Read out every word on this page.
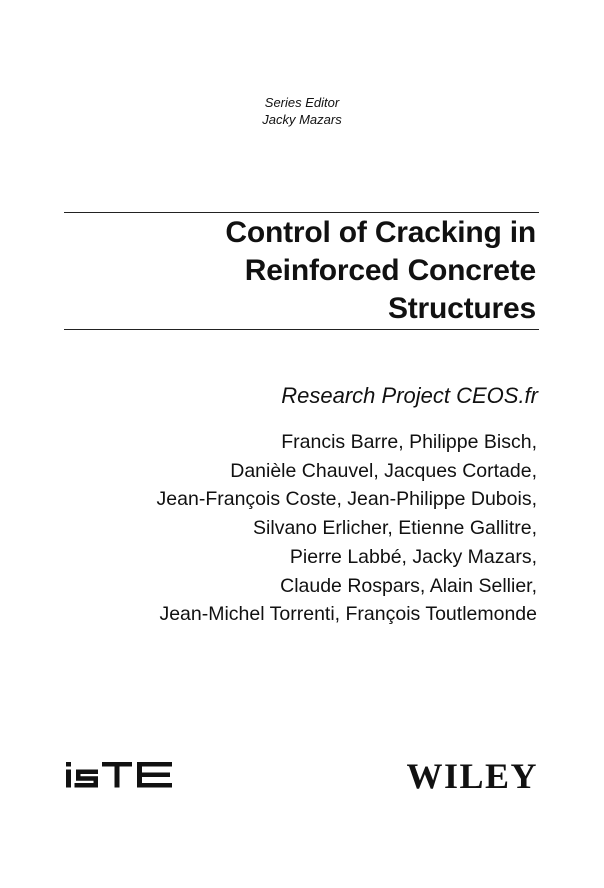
Series Editor
Jacky Mazars
Control of Cracking in
Reinforced Concrete
Structures
Research Project CEOS.fr
Francis Barre, Philippe Bisch,
Danièle Chauvel, Jacques Cortade,
Jean-François Coste, Jean-Philippe Dubois,
Silvano Erlicher, Etienne Gallitre,
Pierre Labbé, Jacky Mazars,
Claude Rospars, Alain Sellier,
Jean-Michel Torrenti, François Toutlemonde
WILEY
